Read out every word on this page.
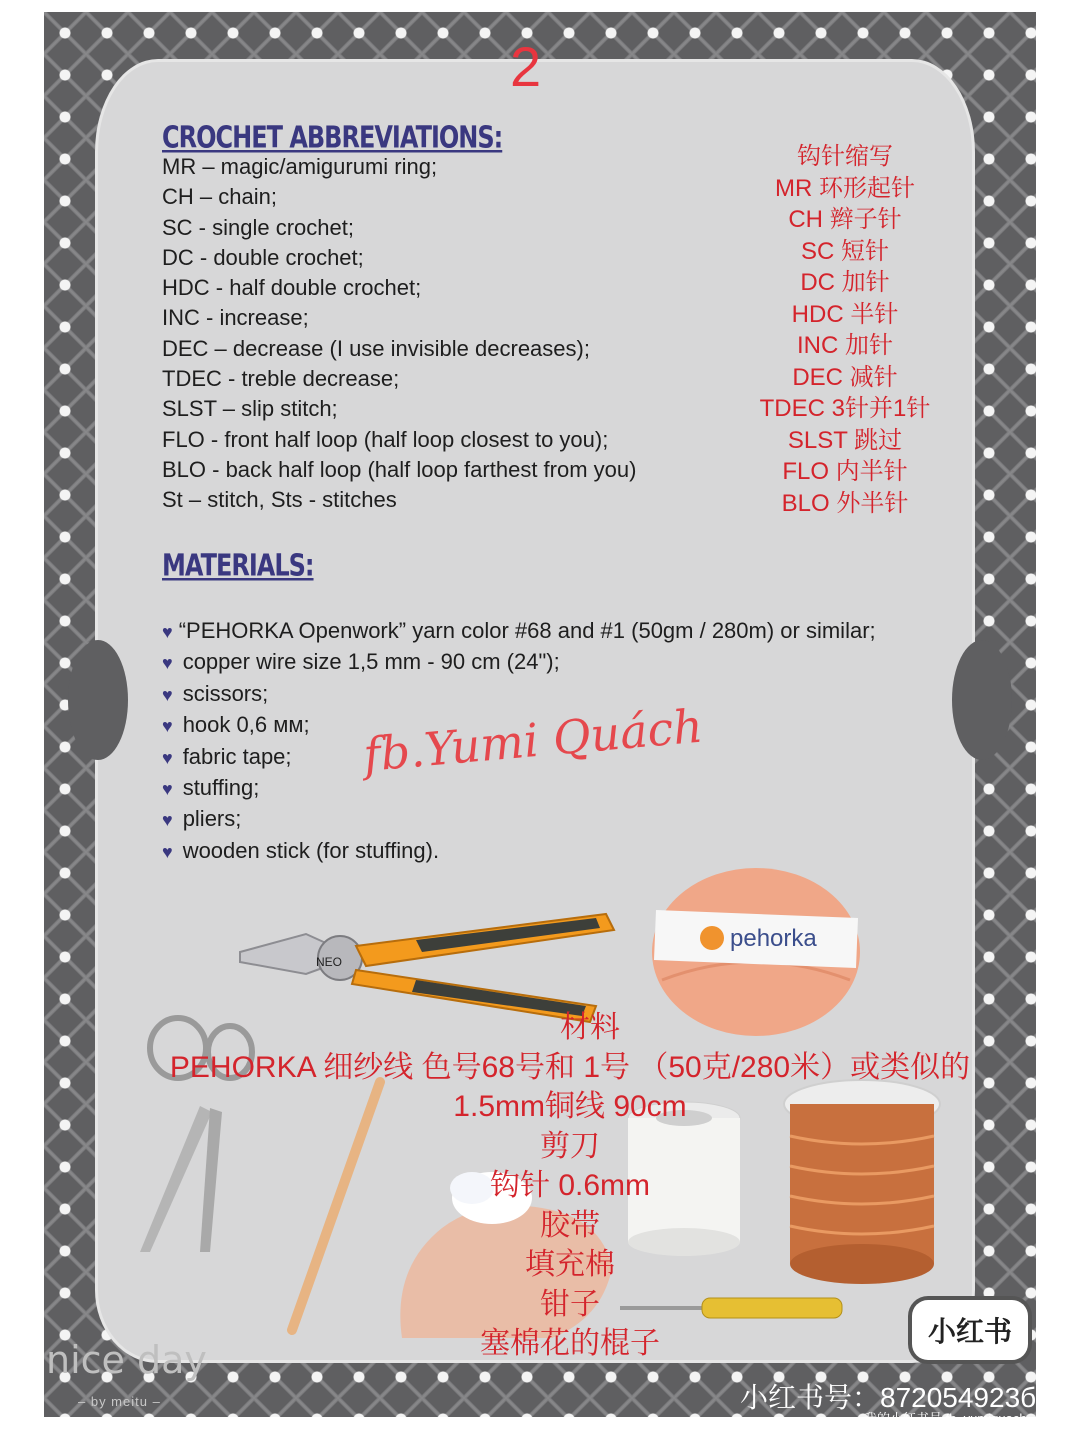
2
CROCHET ABBREVIATIONS:
MR – magic/amigurumi ring;
CH – chain;
SC - single crochet;
DC - double crochet;
HDC - half double crochet;
INC - increase;
DEC – decrease (I use invisible decreases);
TDEC - treble decrease;
SLST – slip stitch;
FLO - front half loop (half loop closest to you);
BLO - back half loop (half loop farthest from you)
St – stitch, Sts - stitches
钩针缩写
MR 环形起针
CH 辫子针
SC 短针
DC 加针
HDC 半针
INC 加针
DEC 减针
TDEC 3针并1针
SLST 跳过
FLO 内半针
BLO 外半针
MATERIALS:
♥ “PEHORKA Openwork” yarn color #68 and #1 (50gm / 280m) or similar;
♥ copper wire size 1,5 mm - 90 cm (24");
♥ scissors;
♥ hook 0,6 мм;
♥ fabric tape;
♥ stuffing;
♥ pliers;
♥ wooden stick (for stuffing).
fb.Yumi Quách
NEO
pehorka
材料
PEHORKA 细纱线 色号68号和 1号 （50克/280米）或类似的
1.5mm铜线 90cm
剪刀
钩针 0.6mm
胶带
填充棉
钳子
塞棉花的棍子
nice day
– by meitu –
小红书
小红书号：872054923б
我的小红书号 fb_yumiquach
